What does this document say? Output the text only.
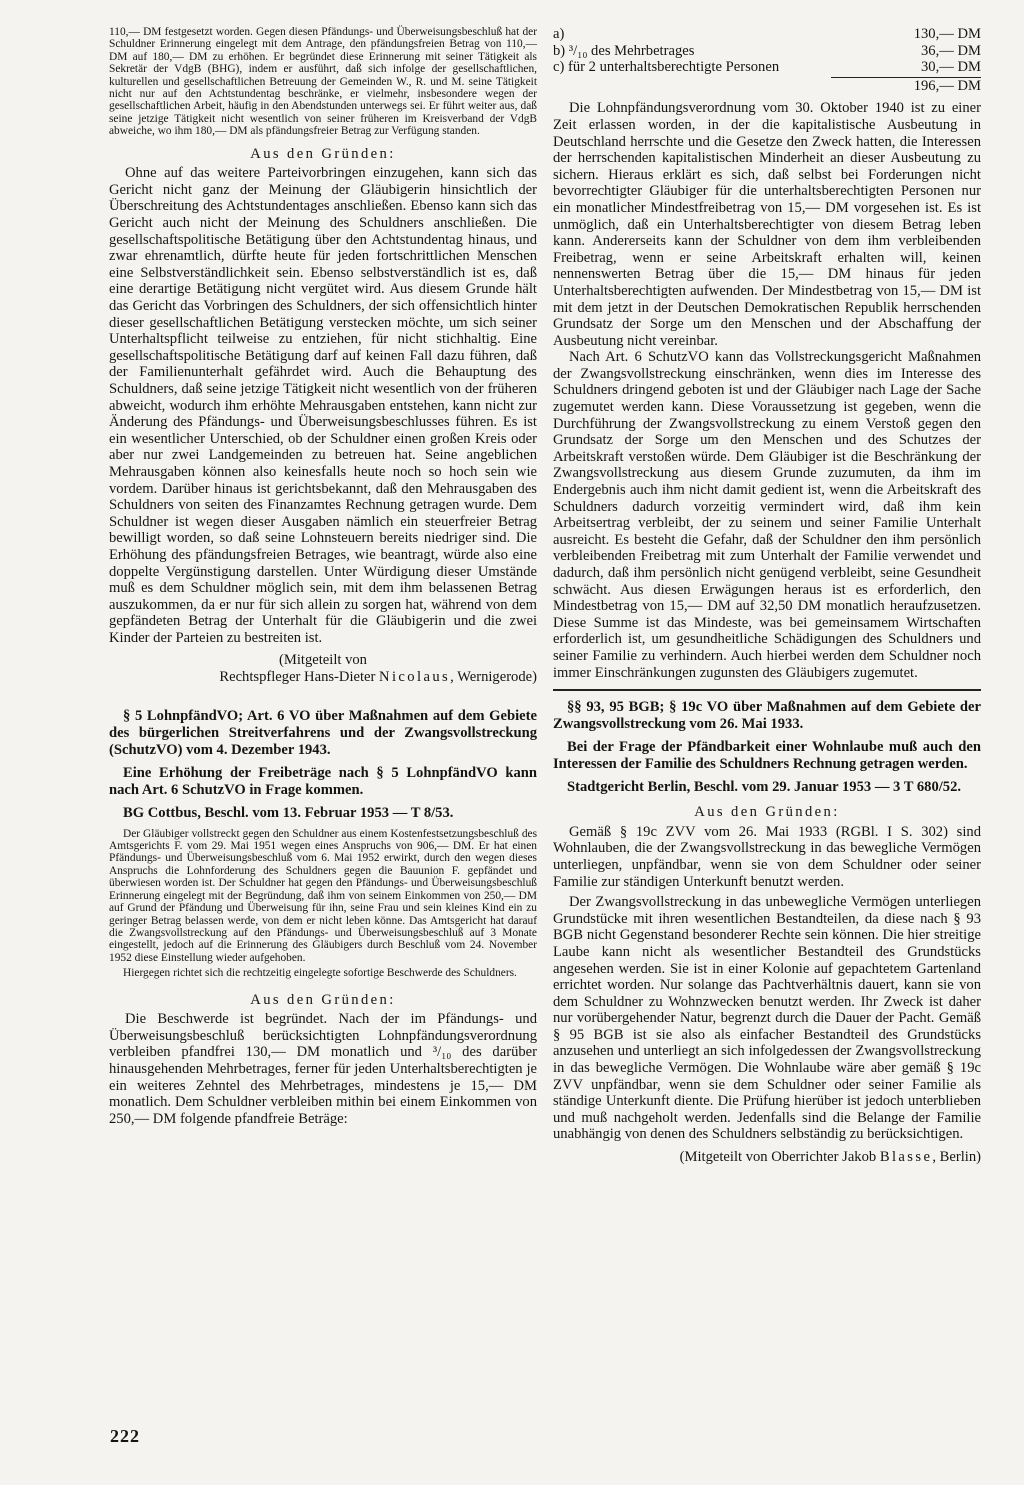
110,— DM festgesetzt worden. Gegen diesen Pfändungs- und Überweisungsbeschluß hat der Schuldner Erinnerung eingelegt mit dem Antrage, den pfändungsfreien Betrag von 110,— DM auf 180,— DM zu erhöhen. Er begründet diese Erinnerung mit seiner Tätigkeit als Sekretär der VdgB (BHG), indem er ausführt, daß sich infolge der gesellschaftlichen, kulturellen und gesellschaftlichen Betreuung der Gemeinden W., R. und M. seine Tätigkeit nicht nur auf den Achtstundentag beschränke, er vielmehr, insbesondere wegen der gesellschaftlichen Arbeit, häufig in den Abendstunden unterwegs sei. Er führt weiter aus, daß seine jetzige Tätigkeit nicht wesentlich von seiner früheren im Kreisverband der VdgB abweiche, wo ihm 180,— DM als pfändungsfreier Betrag zur Verfügung standen.

Aus den Gründen:

Ohne auf das weitere Parteivorbringen einzugehen, kann sich das Gericht nicht ganz der Meinung der Gläubigerin hinsichtlich der Überschreitung des Achtstundentages anschließen. Ebenso kann sich das Gericht auch nicht der Meinung des Schuldners anschließen. Die gesellschaftspolitische Betätigung über den Achtstundentag hinaus, und zwar ehrenamtlich, dürfte heute für jeden fortschrittlichen Menschen eine Selbstverständlichkeit sein. Ebenso selbstverständlich ist es, daß eine derartige Betätigung nicht vergütet wird. Aus diesem Grunde hält das Gericht das Vorbringen des Schuldners, der sich offensichtlich hinter dieser gesellschaftlichen Betätigung verstecken möchte, um sich seiner Unterhaltspflicht teilweise zu entziehen, für nicht stichhaltig. Eine gesellschaftspolitische Betätigung darf auf keinen Fall dazu führen, daß der Familienunterhalt gefährdet wird. Auch die Behauptung des Schuldners, daß seine jetzige Tätigkeit nicht wesentlich von der früheren abweicht, wodurch ihm erhöhte Mehrausgaben entstehen, kann nicht zur Änderung des Pfändungs- und Überweisungsbeschlusses führen. Es ist ein wesentlicher Unterschied, ob der Schuldner einen großen Kreis oder aber nur zwei Landgemeinden zu betreuen hat. Seine angeblichen Mehrausgaben können also keinesfalls heute noch so hoch sein wie vordem. Darüber hinaus ist gerichtsbekannt, daß den Mehrausgaben des Schuldners von seiten des Finanzamtes Rechnung getragen wurde. Dem Schuldner ist wegen dieser Ausgaben nämlich ein steuerfreier Betrag bewilligt worden, so daß seine Lohnsteuern bereits niedriger sind. Die Erhöhung des pfändungsfreien Betrages, wie beantragt, würde also eine doppelte Vergünstigung darstellen. Unter Würdigung dieser Umstände muß es dem Schuldner möglich sein, mit dem ihm belassenen Betrag auszukommen, da er nur für sich allein zu sorgen hat, während von dem gepfändeten Betrag der Unterhalt für die Gläubigerin und die zwei Kinder der Parteien zu bestreiten ist.

(Mitgeteilt von

Rechtspfleger Hans-Dieter Nicolaus, Wernigerode)

§ 5 LohnpfändVO; Art. 6 VO über Maßnahmen auf dem Gebiete des bürgerlichen Streitverfahrens und der Zwangsvollstreckung (SchutzVO) vom 4. Dezember 1943.

Eine Erhöhung der Freibeträge nach § 5 LohnpfändVO kann nach Art. 6 SchutzVO in Frage kommen.

BG Cottbus, Beschl. vom 13. Februar 1953 — T 8/53.

Der Gläubiger vollstreckt gegen den Schuldner aus einem Kostenfestsetzungsbeschluß des Amtsgerichts F. vom 29. Mai 1951 wegen eines Anspruchs von 906,— DM. Er hat einen Pfändungs- und Überweisungsbeschluß vom 6. Mai 1952 erwirkt, durch den wegen dieses Anspruchs die Lohnforderung des Schuldners gegen die Bauunion F. gepfändet und überwiesen worden ist. Der Schuldner hat gegen den Pfändungs- und Überweisungsbeschluß Erinnerung eingelegt mit der Begründung, daß ihm von seinem Einkommen von 250,— DM auf Grund der Pfändung und Überweisung für ihn, seine Frau und sein kleines Kind ein zu geringer Betrag belassen werde, von dem er nicht leben könne. Das Amtsgericht hat darauf die Zwangsvollstreckung auf den Pfändungs- und Überweisungsbeschluß auf 3 Monate eingestellt, jedoch auf die Erinnerung des Gläubigers durch Beschluß vom 24. November 1952 diese Einstellung wieder aufgehoben.

Hiergegen richtet sich die rechtzeitig eingelegte sofortige Beschwerde des Schuldners.

Aus den Gründen:

Die Beschwerde ist begründet. Nach der im Pfändungs- und Überweisungsbeschluß berücksichtigten Lohnpfändungsverordnung verbleiben pfandfrei 130,— DM monatlich und ³/₁₀ des darüber hinausgehenden Mehrbetrages, ferner für jeden Unterhaltsberechtigten je ein weiteres Zehntel des Mehrbetrages, mindestens je 15,— DM monatlich. Dem Schuldner verbleiben mithin bei einem Einkommen von 250,— DM folgende pfandfreie Beträge:

222
a)	130,— DM
b) ³/₁₀ des Mehrbetrages	36,— DM
c) für 2 unterhaltsberechtigte Personen	30,— DM
196,— DM

Die Lohnpfändungsverordnung vom 30. Oktober 1940 ist zu einer Zeit erlassen worden, in der die kapitalistische Ausbeutung in Deutschland herrschte und die Gesetze den Zweck hatten, die Interessen der herrschenden kapitalistischen Minderheit an dieser Ausbeutung zu sichern. Hieraus erklärt es sich, daß selbst bei Forderungen nicht bevorrechtigter Gläubiger für die unterhaltsberechtigten Personen nur ein monatlicher Mindestfreibetrag von 15,— DM vorgesehen ist. Es ist unmöglich, daß ein Unterhaltsberechtigter von diesem Betrag leben kann. Andererseits kann der Schuldner von dem ihm verbleibenden Freibetrag, wenn er seine Arbeitskraft erhalten will, keinen nennenswerten Betrag über die 15,— DM hinaus für jeden Unterhaltsberechtigten aufwenden. Der Mindestbetrag von 15,— DM ist mit dem jetzt in der Deutschen Demokratischen Republik herrschenden Grundsatz der Sorge um den Menschen und der Abschaffung der Ausbeutung nicht vereinbar.

Nach Art. 6 SchutzVO kann das Vollstreckungsgericht Maßnahmen der Zwangsvollstreckung einschränken, wenn dies im Interesse des Schuldners dringend geboten ist und der Gläubiger nach Lage der Sache zugemutet werden kann. Diese Voraussetzung ist gegeben, wenn die Durchführung der Zwangsvollstreckung zu einem Verstoß gegen den Grundsatz der Sorge um den Menschen und des Schutzes der Arbeitskraft verstoßen würde. Dem Gläubiger ist die Beschränkung der Zwangsvollstreckung aus diesem Grunde zuzumuten, da ihm im Endergebnis auch ihm nicht damit gedient ist, wenn die Arbeitskraft des Schuldners dadurch vorzeitig vermindert wird, daß ihm kein Arbeitsertrag verbleibt, der zu seinem und seiner Familie Unterhalt ausreicht. Es besteht die Gefahr, daß der Schuldner den ihm persönlich verbleibenden Freibetrag mit zum Unterhalt der Familie verwendet und dadurch, daß ihm persönlich nicht genügend verbleibt, seine Gesundheit schwächt. Aus diesen Erwägungen heraus ist es erforderlich, den Mindestbetrag von 15,— DM auf 32,50 DM monatlich heraufzusetzen. Diese Summe ist das Mindeste, was bei gemeinsamem Wirtschaften erforderlich ist, um gesundheitliche Schädigungen des Schuldners und seiner Familie zu verhindern. Auch hierbei werden dem Schuldner noch immer Einschränkungen zugunsten des Gläubigers zugemutet.

§§ 93, 95 BGB; § 19c VO über Maßnahmen auf dem Gebiete der Zwangsvollstreckung vom 26. Mai 1933.

Bei der Frage der Pfändbarkeit einer Wohnlaube muß auch den Interessen der Familie des Schuldners Rechnung getragen werden.

Stadtgericht Berlin, Beschl. vom 29. Januar 1953 — 3 T 680/52.

Aus den Gründen:

Gemäß § 19c ZVV vom 26. Mai 1933 (RGBl. I S. 302) sind Wohnlauben, die der Zwangsvollstreckung in das bewegliche Vermögen unterliegen, unpfändbar, wenn sie von dem Schuldner oder seiner Familie zur ständigen Unterkunft benutzt werden.

Der Zwangsvollstreckung in das unbewegliche Vermögen unterliegen Grundstücke mit ihren wesentlichen Bestandteilen, da diese nach § 93 BGB nicht Gegenstand besonderer Rechte sein können. Die hier streitige Laube kann nicht als wesentlicher Bestandteil des Grundstücks angesehen werden. Sie ist in einer Kolonie auf gepachtetem Gartenland errichtet worden. Nur solange das Pachtverhältnis dauert, kann sie von dem Schuldner zu Wohnzwecken benutzt werden. Ihr Zweck ist daher nur vorübergehender Natur, begrenzt durch die Dauer der Pacht. Gemäß § 95 BGB ist sie also als einfacher Bestandteil des Grundstücks anzusehen und unterliegt an sich infolgedessen der Zwangsvollstreckung in das bewegliche Vermögen. Die Wohnlaube wäre aber gemäß § 19c ZVV unpfändbar, wenn sie dem Schuldner oder seiner Familie als ständige Unterkunft diente. Die Prüfung hierüber ist jedoch unterblieben und muß nachgeholt werden. Jedenfalls sind die Belange der Familie unabhängig von denen des Schuldners selbständig zu berücksichtigen.

(Mitgeteilt von Oberrichter Jakob Blasse, Berlin)
